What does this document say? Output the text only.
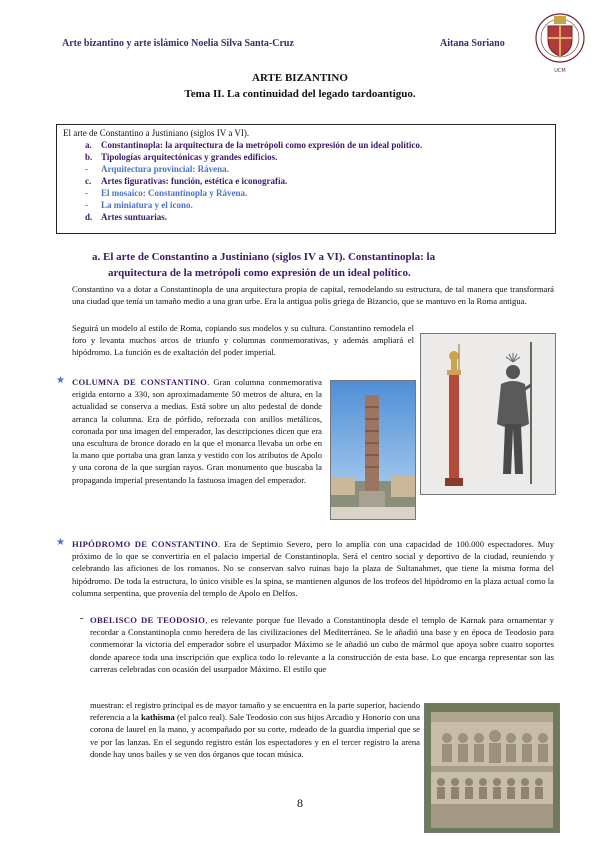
Arte bizantino y arte islámico Noelia Silva Santa-Cruz	Aitana Soriano
UCM
ARTE BIZANTINO
Tema II. La continuidad del legado tardoantiguo.
El arte de Constantino a Justiniano (siglos IV a VI).
a. Constantinopla: la arquitectura de la metrópoli como expresión de un ideal político.
b. Tipologías arquitectónicas y grandes edificios.
- Arquitectura provincial: Rávena.
c. Artes figurativas: función, estética e iconografía.
- El mosaico: Constantinopla y Rávena.
- La miniatura y el icono.
d. Artes suntuarias.
a. El arte de Constantino a Justiniano (siglos IV a VI). Constantinopla: la
arquitectura de la metrópoli como expresión de un ideal político.
Constantino va a dotar a Constantinopla de una arquitectura propia de capital, remodelando su estructura, de tal manera que transformará una ciudad que tenía un tamaño medio a una gran urbe. Era la antigua polis griega de Bizancio, que se mantuvo en la Roma antigua.
Seguirá un modelo al estilo de Roma, copiando sus modelos y su cultura. Constantino remodela el foro y levanta muchos arcos de triunfo y columnas conmemorativas, y además ampliará el hipódromo. La función es de exaltación del poder imperial.
★ COLUMNA DE CONSTANTINO. Gran columna conmemorativa erigida entorno a 330, son aproximadamente 50 metros de altura, en la actualidad se conserva a medias. Está sobre un alto pedestal de donde arranca la columna. Era de pórfido, reforzada con anillos metálicos, coronada por una imagen del emperador, las descripciones dicen que era una escultura de bronce dorado en la que el monarca llevaba un orbe en la mano que portaba una gran lanza y vestido con los atributos de Apolo y una corona de la que surgían rayos. Gran monumento que buscaba la propaganda imperial presentando la fastuosa imagen del emperador.
★ HIPÓDROMO DE CONSTANTINO. Era de Septimio Severo, pero lo amplía con una capacidad de 100.000 espectadores. Muy próximo de lo que se convertiría en el palacio imperial de Constantinopla. Será el centro social y deportivo de la ciudad, reuniendo y celebrando las aficiones de los romanos. No se conservan salvo ruinas bajo la plaza de Sultanahmet, que tiene la misma forma del hipódromo. De toda la estructura, lo único visible es la spina, se mantienen algunos de los trofeos del hipódromo en la plaza actual como la columna serpentina, que provenía del templo de Apolo en Delfos.
- OBELISCO DE TEODOSIO, es relevante porque fue llevado a Constantinopla desde el templo de Karnak para ornamentar y recordar a Constantinopla como heredera de las civilizaciones del Mediterráneo. Se le añadió una base y en época de Teodosio para conmemorar la victoria del emperador sobre el usurpador Máximo se le añadió un cubo de mármol que apoya sobre cuatro soportes donde aparece toda una inscripción que explica todo lo relevante a la construcción de esta base. Lo que encarga representar son las carreras celebradas con ocasión del usurpador Máximo. El estilo que
muestran: el registro principal es de mayor tamaño y se encuentra en la parte superior, haciendo referencia a la kathisma (el palco real). Sale Teodosio con sus hijos Arcadio y Honorio con una corona de laurel en la mano, y acompañado por su corte, rodeado de la guardia imperial que se ve por las lanzas. En el segundo registro están los espectadores y en el tercer registro la arena donde hay unos bailes y se ven dos órganos que tocan música.
8
